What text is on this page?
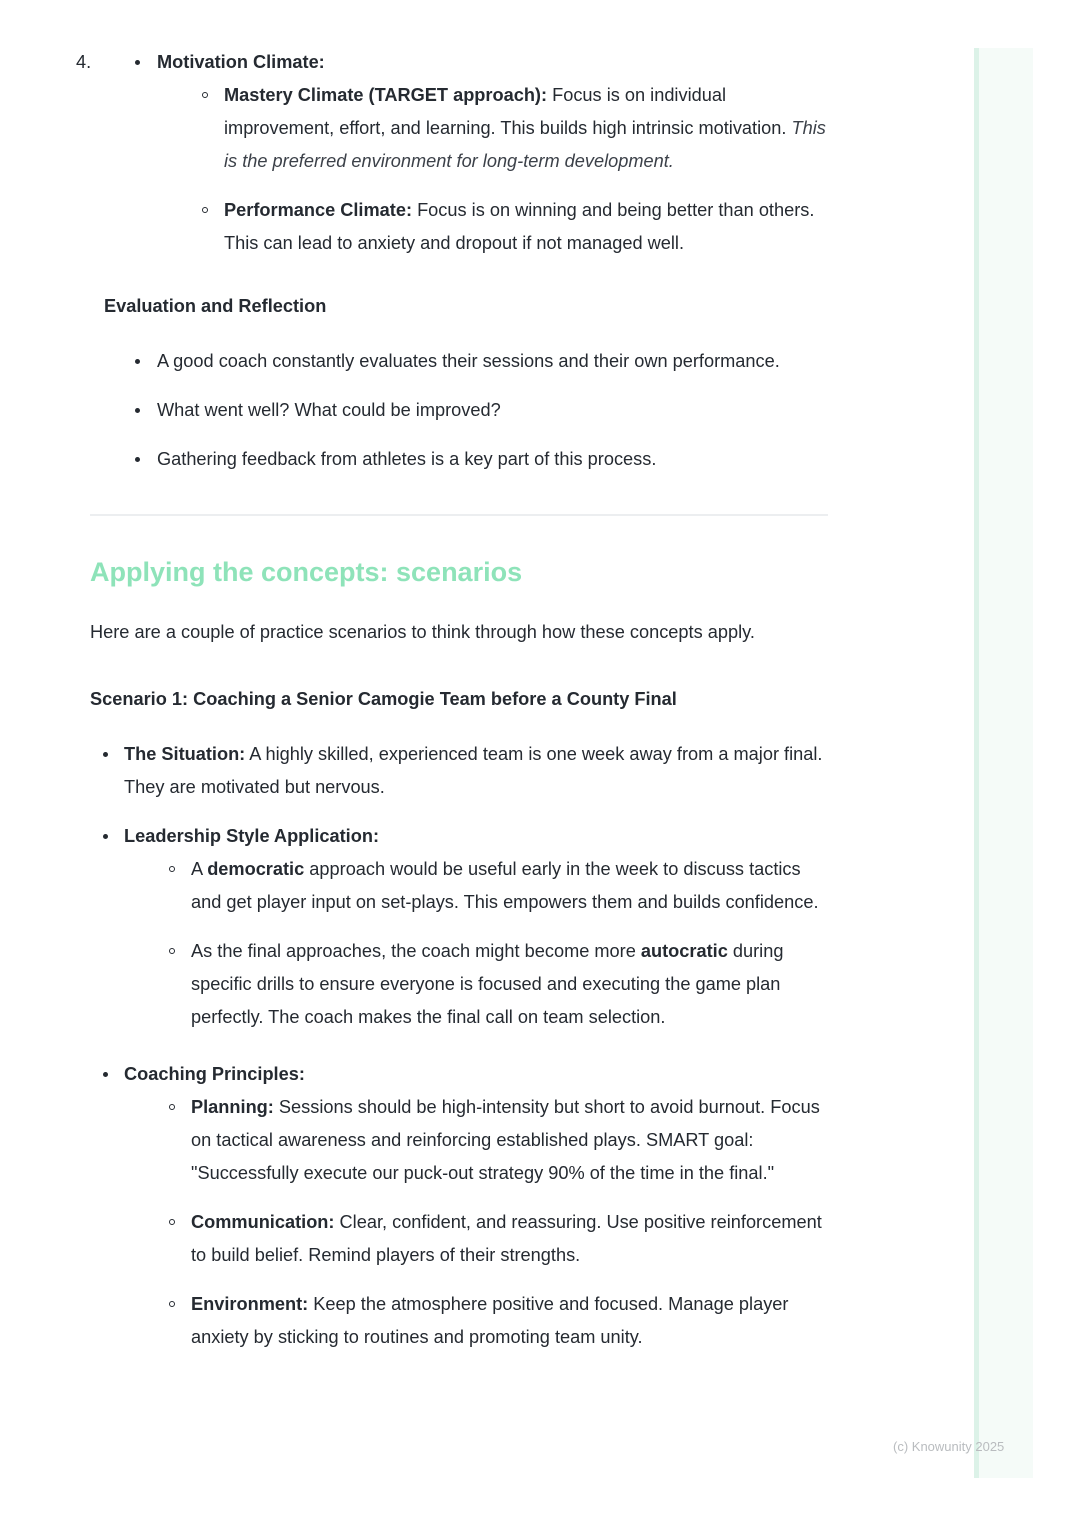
Motivation Climate:
Mastery Climate (TARGET approach): Focus is on individual improvement, effort, and learning. This builds high intrinsic motivation. This is the preferred environment for long-term development.
Performance Climate: Focus is on winning and being better than others. This can lead to anxiety and dropout if not managed well.
4.
Evaluation and Reflection
A good coach constantly evaluates their sessions and their own performance.
What went well? What could be improved?
Gathering feedback from athletes is a key part of this process.
Applying the concepts: scenarios
Here are a couple of practice scenarios to think through how these concepts apply.
Scenario 1: Coaching a Senior Camogie Team before a County Final
The Situation: A highly skilled, experienced team is one week away from a major final. They are motivated but nervous.
Leadership Style Application:
A democratic approach would be useful early in the week to discuss tactics and get player input on set-plays. This empowers them and builds confidence.
As the final approaches, the coach might become more autocratic during specific drills to ensure everyone is focused and executing the game plan perfectly. The coach makes the final call on team selection.
Coaching Principles:
Planning: Sessions should be high-intensity but short to avoid burnout. Focus on tactical awareness and reinforcing established plays. SMART goal: "Successfully execute our puck-out strategy 90% of the time in the final."
Communication: Clear, confident, and reassuring. Use positive reinforcement to build belief. Remind players of their strengths.
Environment: Keep the atmosphere positive and focused. Manage player anxiety by sticking to routines and promoting team unity.
(c) Knowunity 2025
